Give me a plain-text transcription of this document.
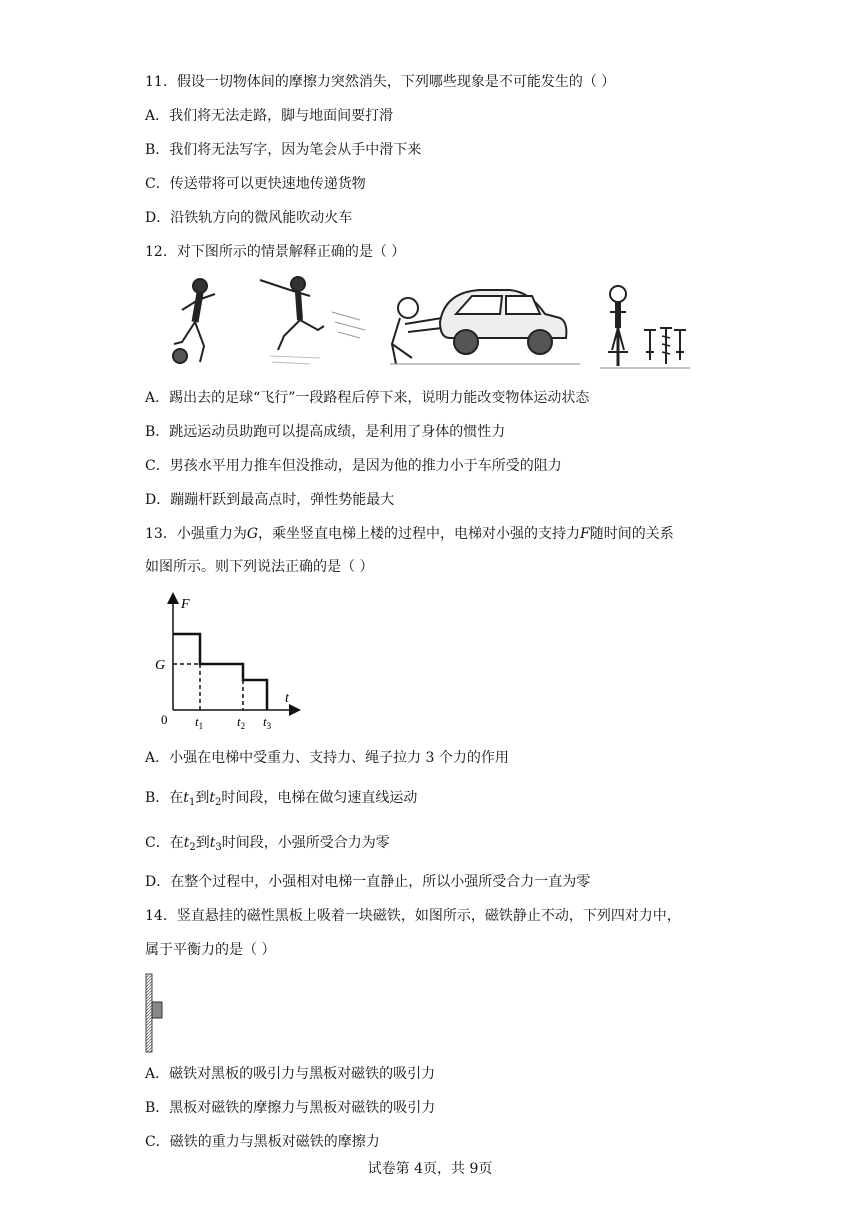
11．假设一切物体间的摩擦力突然消失，下列哪些现象是不可能发生的（ ）
A．我们将无法走路，脚与地面间要打滑
B．我们将无法写字，因为笔会从手中滑下来
C．传送带将可以更快速地传递货物
D．沿铁轨方向的微风能吹动火车
12．对下图所示的情景解释正确的是（ ）
A．踢出去的足球“飞行”一段路程后停下来，说明力能改变物体运动状态
B．跳远运动员助跑可以提高成绩，是利用了身体的惯性力
C．男孩水平用力推车但没推动，是因为他的推力小于车所受的阻力
D．蹦蹦杆跃到最高点时，弹性势能最大
13．小强重力为G，乘坐竖直电梯上楼的过程中，电梯对小强的支持力F随时间的关系
如图所示。则下列说法正确的是（ ）
F
t
G
0 $t_1$	$t_2$ $t_3$
A．小强在电梯中受重力、支持力、绳子拉力 3 个力的作用
B．在$t_1$到$t_2$时间段，电梯在做匀速直线运动
C．在$t_2$到$t_3$时间段，小强所受合力为零
D．在整个过程中，小强相对电梯一直静止，所以小强所受合力一直为零
14．竖直悬挂的磁性黑板上吸着一块磁铁，如图所示，磁铁静止不动，下列四对力中，
属于平衡力的是（ ）
A．磁铁对黑板的吸引力与黑板对磁铁的吸引力
B．黑板对磁铁的摩擦力与黑板对磁铁的吸引力
C．磁铁的重力与黑板对磁铁的摩擦力
试卷第 4页，共 9页
